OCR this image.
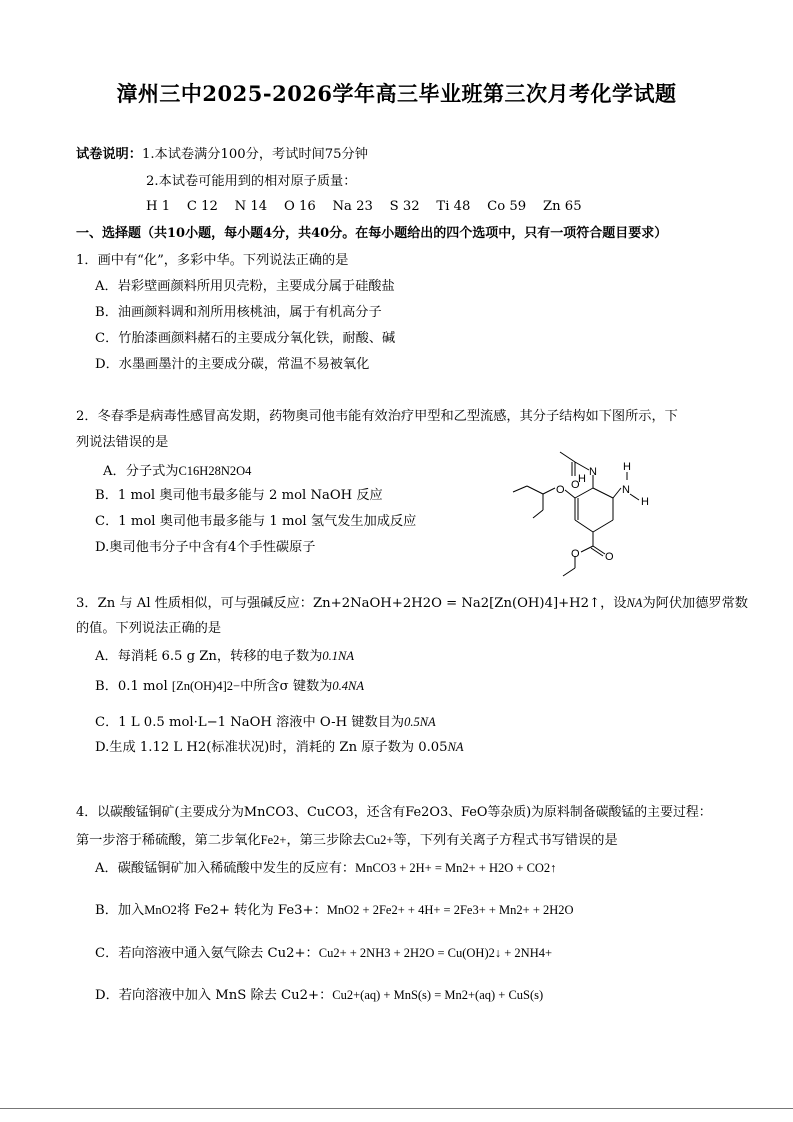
漳州三中2025-2026学年高三毕业班第三次月考化学试题
试卷说明：1.本试卷满分100分，考试时间75分钟
2.本试卷可能用到的相对原子质量：
H 1    C 12    N 14    O 16    Na 23    S 32    Ti 48    Co 59    Zn 65
一、选择题（共10小题，每小题4分，共40分。在每小题给出的四个选项中，只有一项符合题目要求）
1．画中有“化”，多彩中华。下列说法正确的是
A．岩彩壁画颜料所用贝壳粉，主要成分属于硅酸盐
B．油画颜料调和剂所用核桃油，属于有机高分子
C．竹胎漆画颜料赭石的主要成分氧化铁，耐酸、碱
D．水墨画墨汁的主要成分碳，常温不易被氧化
2．冬春季是病毒性感冒高发期，药物奥司他韦能有效治疗甲型和乙型流感，其分子结构如下图所示，下
列说法错误的是
A．分子式为C16H28N2O4
B．1 mol 奥司他韦最多能与 2 mol NaOH 反应
C．1 mol 奥司他韦最多能与 1 mol 氢气发生加成反应
D.奥司他韦分子中含有4个手性碳原子
N
H
O
H
N
H
O
O
O
3．Zn 与 Al 性质相似，可与强碱反应：Zn+2NaOH+2H2O = Na2[Zn(OH)4]+H2↑，设NA为阿伏加德罗常数
的值。下列说法正确的是
A．每消耗 6.5 g Zn，转移的电子数为0.1NA
B．0.1 mol [Zn(OH)4]2−中所含σ 键数为0.4NA
C．1 L 0.5 mol·L−1 NaOH 溶液中 O-H 键数目为0.5NA
D.生成 1.12 L H2(标准状况)时，消耗的 Zn 原子数为 0.05NA
4．以碳酸锰铜矿(主要成分为MnCO3、CuCO3，还含有Fe2O3、FeO等杂质)为原料制备碳酸锰的主要过程：
第一步溶于稀硫酸，第二步氧化Fe2+，第三步除去Cu2+等，下列有关离子方程式书写错误的是
A．碳酸锰铜矿加入稀硫酸中发生的反应有：MnCO3 + 2H+ = Mn2+ + H2O + CO2↑
B．加入MnO2将 Fe2+ 转化为 Fe3+：MnO2 + 2Fe2+ + 4H+ = 2Fe3+ + Mn2+ + 2H2O
C．若向溶液中通入氨气除去 Cu2+：Cu2+ + 2NH3 + 2H2O = Cu(OH)2↓ + 2NH4+
D．若向溶液中加入 MnS 除去 Cu2+：Cu2+(aq) + MnS(s) = Mn2+(aq) + CuS(s)
